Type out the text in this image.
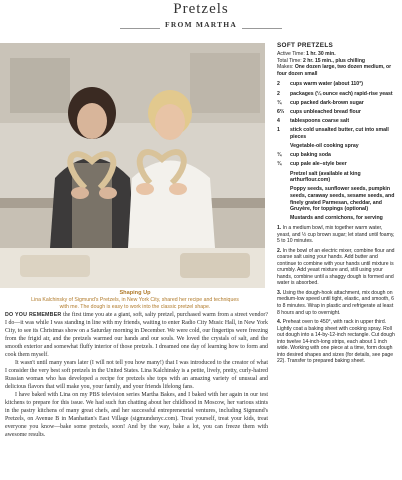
Pretzels
FROM MARTHA
Shaping Up
Lina Kalchinsky of Sigmund's Pretzels, in New York City, shared her recipe and techniques with me. The dough is easy to work into the classic pretzel shape.

DO YOU REMEMBER the first time you ate a giant, soft, salty pretzel, purchased warm from a street vendor? I do—it was while I was standing in line with my friends, waiting to enter Radio City Music Hall, in New York City, to see its Christmas show on a Saturday morning in December. We were cold, our fingertips were freezing from the frigid air, and the pretzels warmed our hands and our souls. We loved the crystals of salt, and the smooth exterior and somewhat fluffy interior of those pretzels. I dreamed one day of learning how to form and cook them myself.

It wasn't until many years later (I will not tell you how many!) that I was introduced to the creator of what I consider the very best soft pretzels in the United States. Lina Kalchinsky is a petite, lively, pretty, curly-haired Russian woman who has developed a recipe for pretzels she tops with an amazing variety of unusual and delicious flavors that will make you, your family, and your friends lifelong fans.

I have baked with Lina on my PBS television series Martha Bakes, and I baked with her again in our test kitchens to prepare for this issue. We had such fun chatting about her childhood in Moscow, her various stints in the pastry kitchens of many great chefs, and her successful entrepreneurial ventures, including Sigmund's Pretzels, on Avenue B in Manhattan's East Village (sigmundsnyc.com). Treat yourself, treat your kids, treat everyone you know—bake some pretzels, soon! And by the way, bake a lot, you can freeze them with awesome results.

SOFT PRETZELS
Active Time: 1 hr. 30 min.
Total Time: 2 hr. 15 min., plus chilling
Makes: One dozen large, two dozen medium, or four dozen small
2	cups warm water (about 110°)
2	packages (¼ ounce each) rapid-rise yeast
¾	cup packed dark-brown sugar
6⅔	cups unbleached bread flour
4	tablespoons coarse salt
1	stick cold unsalted butter, cut into small pieces
Vegetable-oil cooking spray
¾	cup baking soda
¾	cup pale ale–style beer
Pretzel salt (available at king arthurflour.com)
Poppy seeds, sunflower seeds, pumpkin seeds, caraway seeds, sesame seeds, and finely grated Parmesan, cheddar, and Gruyère, for toppings (optional)
Mustards and cornichons, for serving
1. In a medium bowl, mix together warm water, yeast, and ½ cup brown sugar; let stand until foamy, 5 to 10 minutes.
2. In the bowl of an electric mixer, combine flour and coarse salt using your hands. Add butter and continue to combine with your hands until mixture is crumbly. Add yeast mixture and, still using your hands, combine until a shaggy dough is formed and water is absorbed.
3. Using the dough-hook attachment, mix dough on medium-low speed until tight, elastic, and smooth, 6 to 8 minutes. Wrap in plastic and refrigerate at least 8 hours and up to overnight.
4. Preheat oven to 450°, with rack in upper third. Lightly coat a baking sheet with cooking spray. Roll out dough into a 14-by-12-inch rectangle. Cut dough into twelve 14-inch-long strips, each about 1 inch wide. Working with one piece at a time, form dough into desired shapes and sizes (for details, see page 22). Transfer to prepared baking sheet.
